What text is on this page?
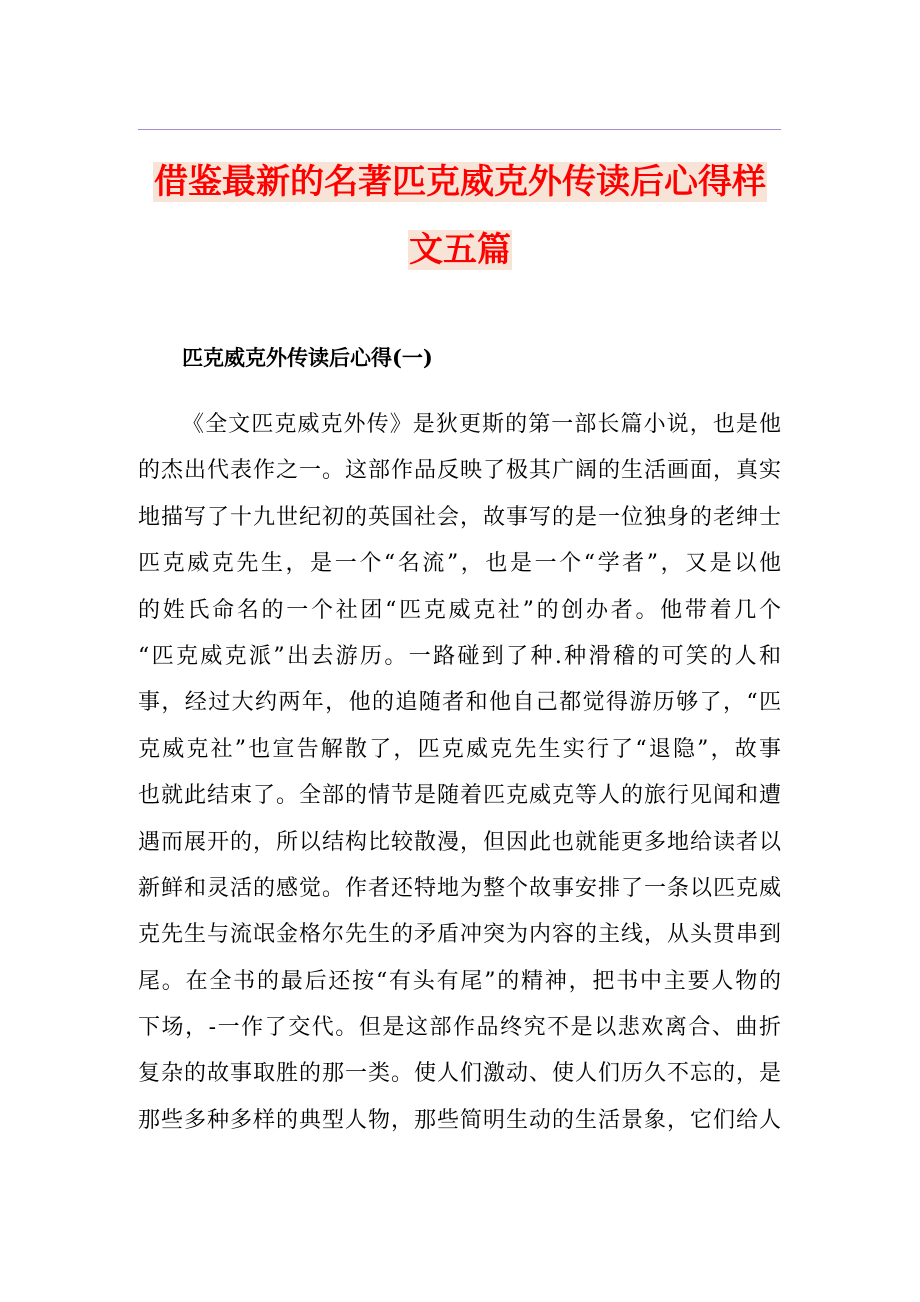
借鉴最新的名著匹克威克外传读后心得样
文五篇
匹克威克外传读后心得(一)
《全文匹克威克外传》是狄更斯的第一部长篇小说，也是他
的杰出代表作之一。这部作品反映了极其广阔的生活画面，真实
地描写了十九世纪初的英国社会，故事写的是一位独身的老绅士
匹克威克先生，是一个“名流”，也是一个“学者”，又是以他
的姓氏命名的一个社团“匹克威克社”的创办者。他带着几个
“匹克威克派”出去游历。一路碰到了种.种滑稽的可笑的人和
事，经过大约两年，他的追随者和他自己都觉得游历够了，“匹
克威克社”也宣告解散了，匹克威克先生实行了“退隐”，故事
也就此结束了。全部的情节是随着匹克威克等人的旅行见闻和遭
遇而展开的，所以结构比较散漫，但因此也就能更多地给读者以
新鲜和灵活的感觉。作者还特地为整个故事安排了一条以匹克威
克先生与流氓金格尔先生的矛盾冲突为内容的主线，从头贯串到
尾。在全书的最后还按“有头有尾”的精神，把书中主要人物的
下场，-一作了交代。但是这部作品终究不是以悲欢离合、曲折
复杂的故事取胜的那一类。使人们激动、使人们历久不忘的，是
那些多种多样的典型人物，那些简明生动的生活景象，它们给人
